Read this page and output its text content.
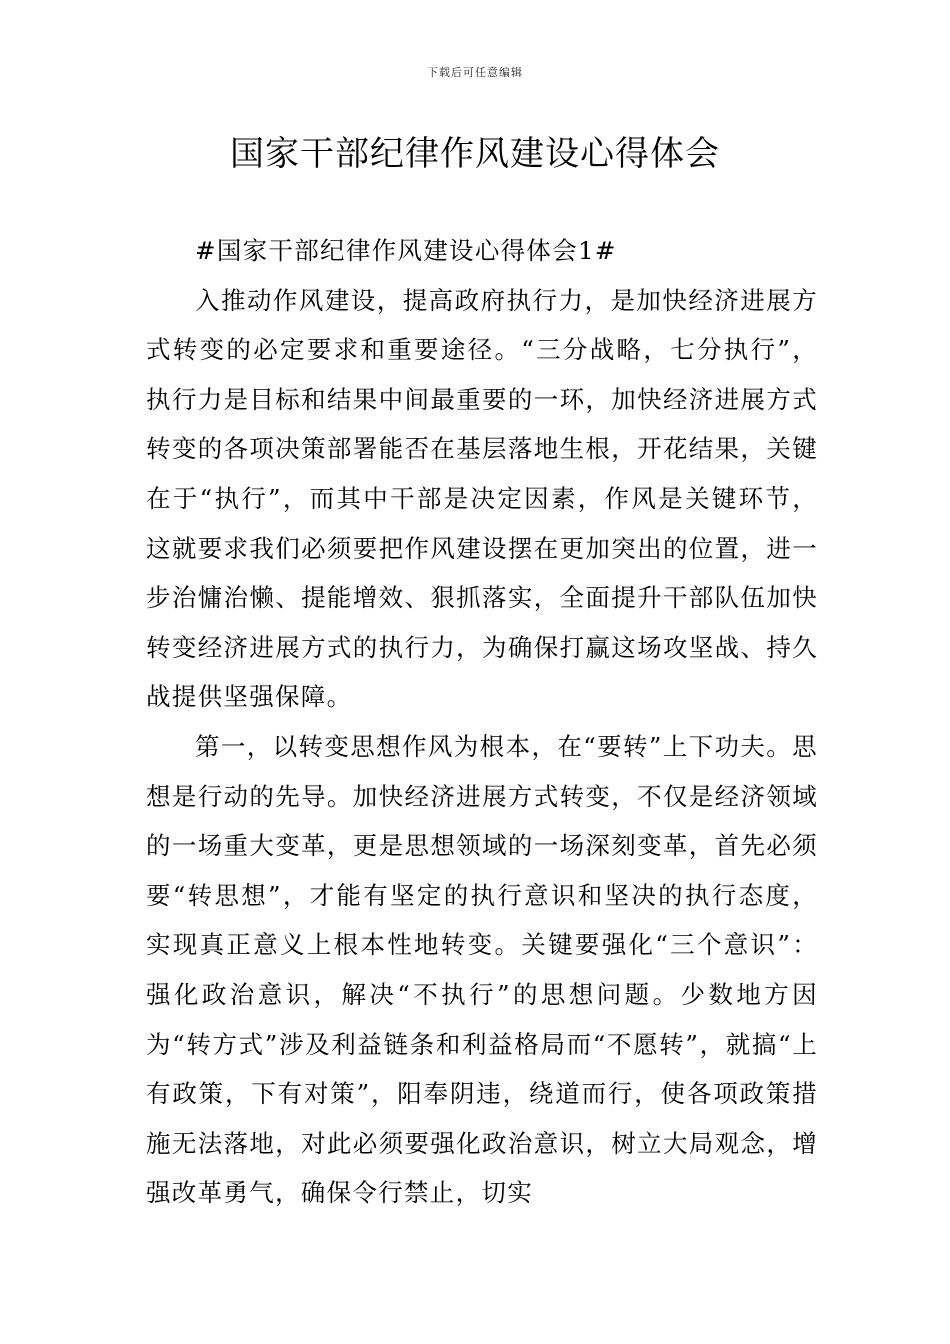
下载后可任意编辑
国家干部纪律作风建设心得体会

#国家干部纪律作风建设心得体会1#

入推动作风建设，提高政府执行力，是加快经济进展方式转变的必定要求和重要途径。“三分战略，七分执行”，执行力是目标和结果中间最重要的一环，加快经济进展方式转变的各项决策部署能否在基层落地生根，开花结果，关键在于“执行”，而其中干部是决定因素，作风是关键环节，这就要求我们必须要把作风建设摆在更加突出的位置，进一步治慵治懒、提能增效、狠抓落实，全面提升干部队伍加快转变经济进展方式的执行力，为确保打赢这场攻坚战、持久战提供坚强保障。

第一，以转变思想作风为根本，在“要转”上下功夫。思想是行动的先导。加快经济进展方式转变，不仅是经济领域的一场重大变革，更是思想领域的一场深刻变革，首先必须要“转思想”，才能有坚定的执行意识和坚决的执行态度，实现真正意义上根本性地转变。关键要强化“三个意识”：强化政治意识，解决“不执行”的思想问题。少数地方因为“转方式”涉及利益链条和利益格局而“不愿转”，就搞“上有政策，下有对策”，阳奉阴违，绕道而行，使各项政策措施无法落地，对此必须要强化政治意识，树立大局观念，增强改革勇气，确保令行禁止，切实
